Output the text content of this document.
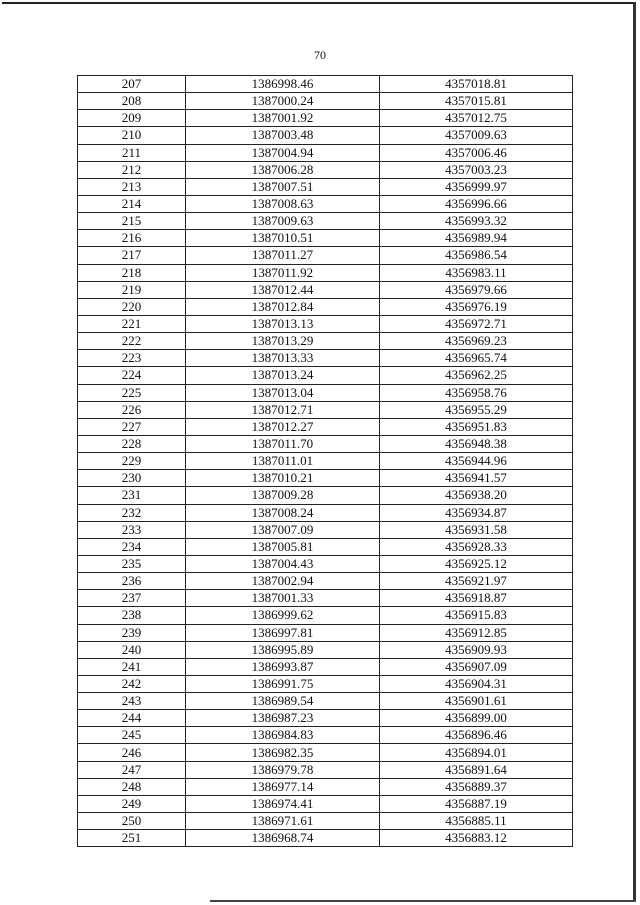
70
207	1386998.46	4357018.81
208	1387000.24	4357015.81
209	1387001.92	4357012.75
210	1387003.48	4357009.63
211	1387004.94	4357006.46
212	1387006.28	4357003.23
213	1387007.51	4356999.97
214	1387008.63	4356996.66
215	1387009.63	4356993.32
216	1387010.51	4356989.94
217	1387011.27	4356986.54
218	1387011.92	4356983.11
219	1387012.44	4356979.66
220	1387012.84	4356976.19
221	1387013.13	4356972.71
222	1387013.29	4356969.23
223	1387013.33	4356965.74
224	1387013.24	4356962.25
225	1387013.04	4356958.76
226	1387012.71	4356955.29
227	1387012.27	4356951.83
228	1387011.70	4356948.38
229	1387011.01	4356944.96
230	1387010.21	4356941.57
231	1387009.28	4356938.20
232	1387008.24	4356934.87
233	1387007.09	4356931.58
234	1387005.81	4356928.33
235	1387004.43	4356925.12
236	1387002.94	4356921.97
237	1387001.33	4356918.87
238	1386999.62	4356915.83
239	1386997.81	4356912.85
240	1386995.89	4356909.93
241	1386993.87	4356907.09
242	1386991.75	4356904.31
243	1386989.54	4356901.61
244	1386987.23	4356899.00
245	1386984.83	4356896.46
246	1386982.35	4356894.01
247	1386979.78	4356891.64
248	1386977.14	4356889.37
249	1386974.41	4356887.19
250	1386971.61	4356885.11
251	1386968.74	4356883.12
